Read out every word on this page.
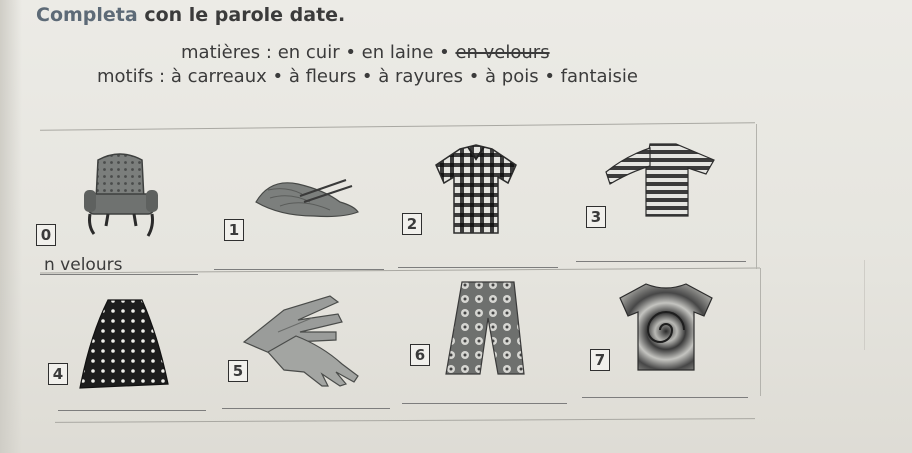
Completa con le parole date.
matières : en cuir • en laine • en velours
motifs : à carreaux • à fleurs • à rayures • à pois • fantaisie
0	1	2	3
4	5
6	7
n velours
